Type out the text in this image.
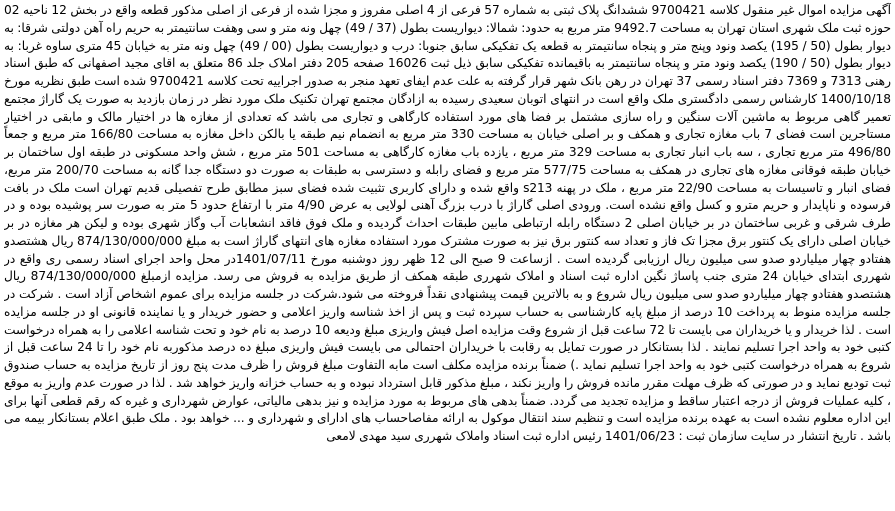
آگهی مزایده اموال غیر منقول کلاسه 9700421 ششدانگ پلاک ثبتی به شماره 57 فرعی از 4 اصلی مفروز و مجزا شده از فرعی از اصلی مذکور قطعه واقع در بخش 12 ناحیه 02 حوزه ثبت ملک شهری استان تهران به مساحت 9492.7 متر مربع به حدود: شمالا: دیواریست بطول (37 / 49) چهل ونه متر و سی وهفت سانتیمتر به حریم راه آهن دولتی شرقا: به دیوار بطول (50 / 195) یکصد ونود وپنج متر و پنجاه سانتیمتر به قطعه یک تفکیکی سابق جنوبا: درب و دیواریست بطول (00 / 49) چهل ونه متر به خیابان 45 متری ساوه غربا: به دیوار بطول (50 / 190) یکصد ونود متر و پنجاه سانتیمتر به باقیمانده تفکیکی سابق ذیل ثبت 16026 صفحه 205 دفتر املاک جلد 86 متعلق به اقای مجید اصفهانی که طبق اسناد رهنی 7313 و 7369 دفتر اسناد رسمی 37 تهران در رهن بانک شهر قرار گرفته به علت عدم ایفای تعهد منجر به صدور اجراییه تحت کلاسه 9700421 شده است طبق نظریه مورخ 1400/10/18 کارشناس رسمی دادگستری ملک واقع است در انتهای اتوبان سعیدی رسیده به ازادگان مجتمع تهران تکنیک ملک مورد نظر در زمان بازدید به صورت یک گاراژ مجتمع تعمیر گاهی مربوط به ماشین آلات سنگین و راه سازی مشتمل بر فضا های مورد استفاده کارگاهی و تجاری می باشد که تعدادی از مغازه ها در اختیار مالک و مابقی در اختیار مستاجرین است فضای 7 باب مغازه تجاری و همکف و بر اصلی خیابان به مساحت 330 متر مربع به انضمام نیم طبقه یا بالکن داخل مغازه به مساحت 166/80 متر مربع و جمعاً 496/80 متر مربع تجاری ، سه باب انبار تجاری به مساحت 329 متر مربع ، یازده باب مغازه کارگاهی به مساحت 501 متر مربع ، شش واحد مسکونی در طبقه اول ساختمان بر خیابان طبقه فوقانی مغازه های تجاری در همکف به مساحت 577/75 متر مربع و فضای رابله و دسترسی به طبقات به صورت دو دستگاه جدا گانه به مساحت 200/70 متر مربع، فضای انبار و تاسیسات به مساحت 22/90 متر مربع ، ملک در پهنه s213 واقع شده و دارای کاربری تثبیت شده فضای سبز مطابق طرح تفصیلی قدیم تهران است ملک در بافت فرسوده و ناپایدار و حریم مترو و کسل واقع نشده است. ورودی اصلی گاراژ با درب بزرگ آهنی لولایی به عرض 4/90 متر با ارتفاع حدود 5 متر به صورت سر پوشیده بوده و در طرف شرقی و غربی ساختمان در بر خیابان اصلی 2 دستگاه رابله ارتباطی مابین طبقات احداث گردیده و ملک فوق فاقد انشعابات آب وگاز شهری بوده و لیکن هر مغازه در بر خیابان اصلی دارای یک کنتور برق مجزا تک فاز و تعداد سه کنتور برق نیز به صورت مشترک مورد استفاده مغازه های انتهای گاراژ است به مبلغ 874/130/000/000 ریال هشتصدو هفتادو چهار میلیاردو صدو سی میلیون ریال ارزیابی گردیده است . ازساعت 9 صبح الی 12 ظهر روز دوشنبه مورخ 1401/07/11در محل واحد اجرای اسناد رسمی ری واقع در شهرری ابتدای خیابان 24 متری جنب پاساژ نگین اداره ثبت اسناد و املاک شهرری طبقه همکف از طریق مزایده به فروش می رسد. مزایده ازمبلغ 874/130/000/000 ریال هشتصدو هفتادو چهار میلیاردو صدو سی میلیون ریال شروع و به بالاترین قیمت پیشنهادی نقداً فروخته می شود.شرکت در جلسه مزایده برای عموم اشخاص آزاد است . شرکت در جلسه مزایده منوط به پرداخت 10 درصد از مبلغ پایه کارشناسی به حساب سپرده ثبت و پس از اخذ شناسه واریز اعلامی و حضور خریدار و یا نماینده قانونی او در جلسه مزایده است . لذا خریدار و یا خریداران می بایست تا 72 ساعت قبل از شروع وقت مزایده اصل فیش واریزی مبلغ ودیعه 10 درصد به نام خود و تحت شناسه اعلامی را به همراه درخواست کتبی خود به واحد اجرا تسلیم نمایند . لذا بستانکار در صورت تمایل به رقابت با خریداران احتمالی می بایست فیش واریزی مبلغ ده درصد مذکوربه نام خود را تا 24 ساعت قبل از شروع به همراه درخواست کتبی خود به واحد اجرا تسلیم نماید .) ضمناً برنده مزایده مکلف است مابه التفاوت مبلغ فروش را ظرف مدت پنج روز از تاریخ مزایده به حساب صندوق ثبت تودیع نماید و در صورتی که ظرف مهلت مقرر مانده فروش را واریز نکند ، مبلغ مذکور قابل استرداد نبوده و به حساب خزانه واریز خواهد شد . لذا در صورت عدم واریز به موقع ، کلیه عملیات فروش از درجه اعتبار ساقط و مزایده تجدید می گردد. ضمناً بدهی های مربوط به مورد مزایده و نیز بدهی مالیاتی، عوارض شهرداری و غیره که رقم قطعی آنها برای این اداره معلوم نشده است به عهده برنده مزایده است و تنظیم سند انتقال موکول به ارائه مفاصاحساب های ادارای و شهرداری و ... خواهد بود . ملک طبق اعلام بستانکار بیمه می باشد . تاریخ انتشار در سایت سازمان ثبت : 1401/06/23 رئیس اداره ثبت اسناد واملاک شهرری سید مهدی لامعی
